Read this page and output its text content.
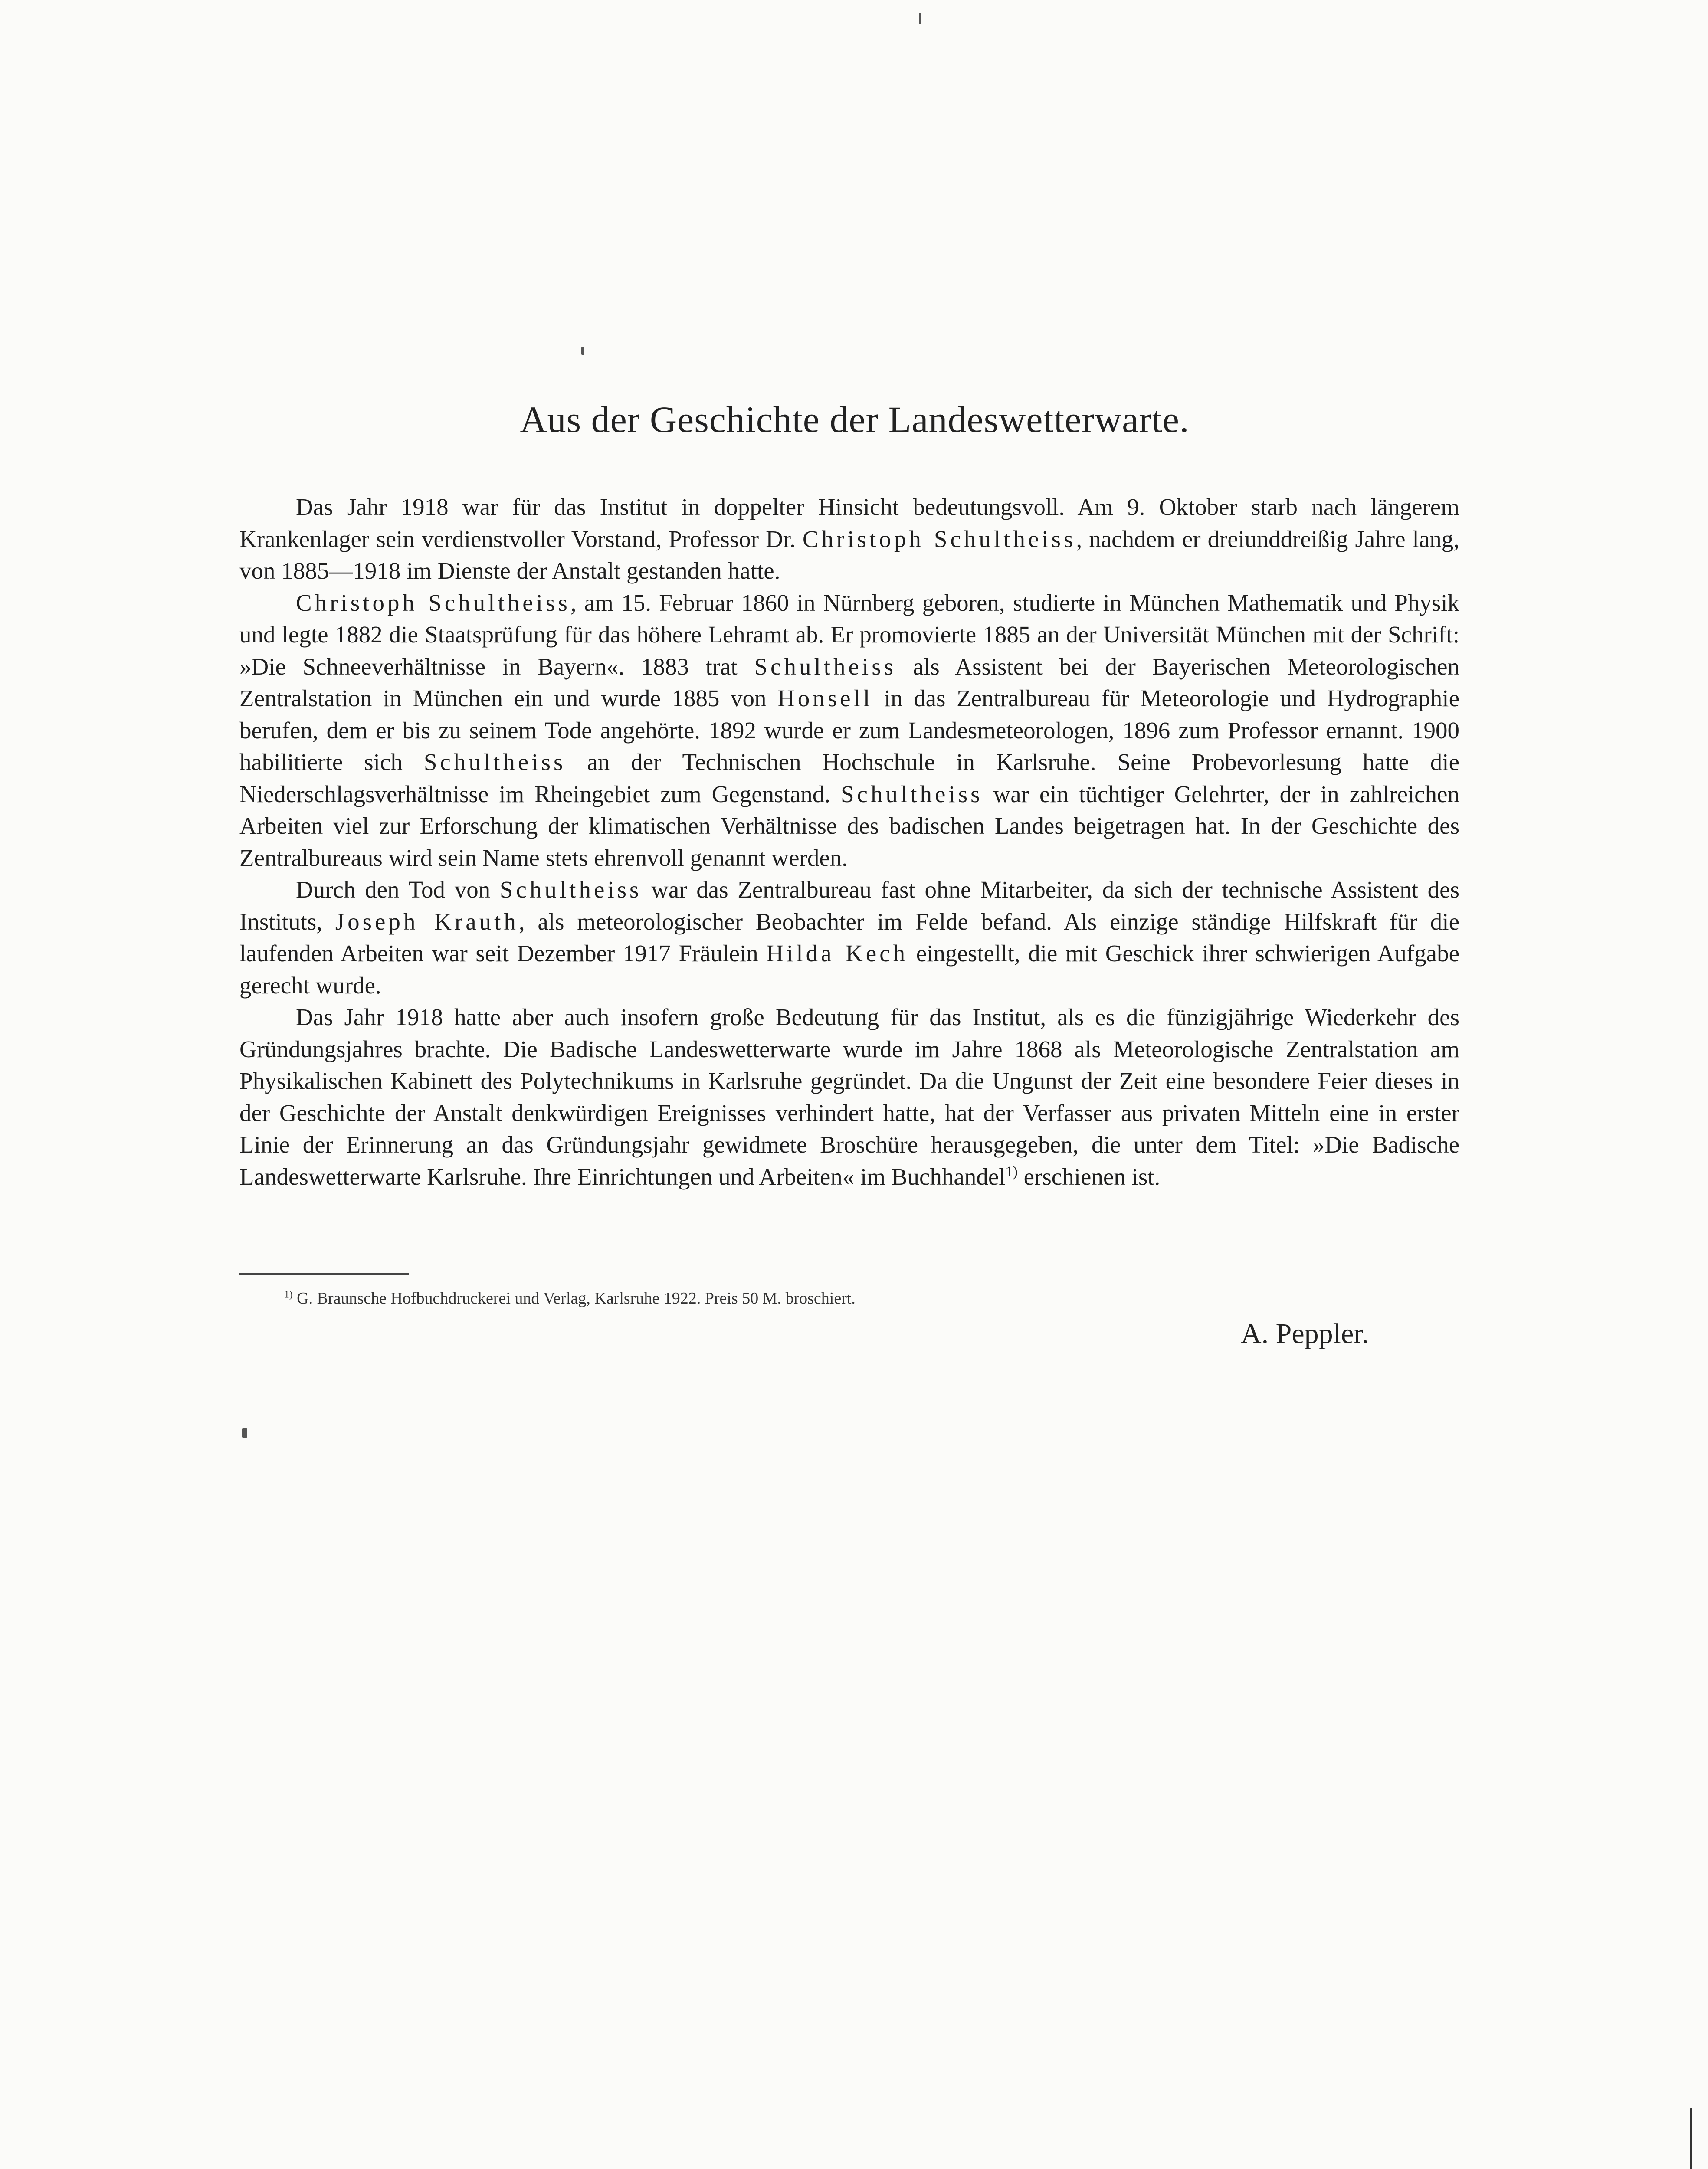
Aus der Geschichte der Landeswetterwarte.

Das Jahr 1918 war für das Institut in doppelter Hinsicht bedeutungsvoll. Am 9. Oktober starb nach längerem Krankenlager sein verdienstvoller Vorstand, Professor Dr. Christoph Schultheiss, nachdem er dreiunddreißig Jahre lang, von 1885—1918 im Dienste der Anstalt gestanden hatte.

Christoph Schultheiss, am 15. Februar 1860 in Nürnberg geboren, studierte in München Mathematik und Physik und legte 1882 die Staatsprüfung für das höhere Lehramt ab. Er promovierte 1885 an der Universität München mit der Schrift: »Die Schneeverhältnisse in Bayern«. 1883 trat Schultheiss als Assistent bei der Bayerischen Meteorologischen Zentralstation in München ein und wurde 1885 von Honsell in das Zentralbureau für Meteorologie und Hydrographie berufen, dem er bis zu seinem Tode angehörte. 1892 wurde er zum Landesmeteorologen, 1896 zum Professor ernannt. 1900 habilitierte sich Schultheiss an der Technischen Hochschule in Karlsruhe. Seine Probevorlesung hatte die Niederschlagsverhältnisse im Rheingebiet zum Gegenstand. Schultheiss war ein tüchtiger Gelehrter, der in zahlreichen Arbeiten viel zur Erforschung der klimatischen Verhältnisse des badischen Landes beigetragen hat. In der Geschichte des Zentralbureaus wird sein Name stets ehrenvoll genannt werden.

Durch den Tod von Schultheiss war das Zentralbureau fast ohne Mitarbeiter, da sich der technische Assistent des Instituts, Joseph Krauth, als meteorologischer Beobachter im Felde befand. Als einzige ständige Hilfskraft für die laufenden Arbeiten war seit Dezember 1917 Fräulein Hilda Kech eingestellt, die mit Geschick ihrer schwierigen Aufgabe gerecht wurde.

Das Jahr 1918 hatte aber auch insofern große Bedeutung für das Institut, als es die fünzigjährige Wiederkehr des Gründungsjahres brachte. Die Badische Landeswetterwarte wurde im Jahre 1868 als Meteorologische Zentralstation am Physikalischen Kabinett des Polytechnikums in Karlsruhe gegründet. Da die Ungunst der Zeit eine besondere Feier dieses in der Geschichte der Anstalt denkwürdigen Ereignisses verhindert hatte, hat der Verfasser aus privaten Mitteln eine in erster Linie der Erinnerung an das Gründungsjahr gewidmete Broschüre herausgegeben, die unter dem Titel: »Die Badische Landeswetterwarte Karlsruhe. Ihre Einrichtungen und Arbeiten« im Buchhandel$^{1)}$ erschienen ist.

$^{1)}$ G. Braunsche Hofbuchdruckerei und Verlag, Karlsruhe 1922. Preis 50 M. broschiert.
A. Peppler.
